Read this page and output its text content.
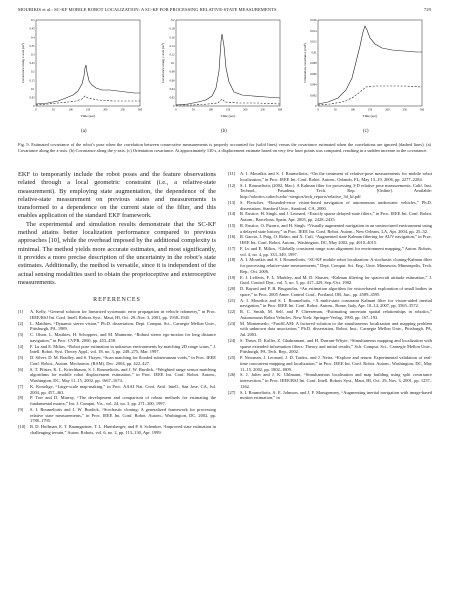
MOURIKIS et al.: SC-KF MOBILE ROBOT LOCALIZATION: A SC-KF FOR PROCESSING RELATIVE-STATE MEASUREMENTS	729
Time (sec)
Covariance along x-axis (m²)
0
0.05
0.1
0.15
0.2
0.25
0.3
0.35
0.4
0.45
0.5
0	50	100	150	200	250	300
(a)
Time (sec)
Covariance along y-axis (m²)
0
0.02
0.04
0.06
0.08
0.1
0.12
0.14
0.16
0.18
0.2
0	50	100	150	200	250	300
(b)
Time (sec)
Orientation covariance (rad²)
0
0.002
0.004
0.006
0.008
0.01
0.012
0.014
0.016
0	50	100	150	200	250	300
(c)
Fig. 9. Estimated covariance of the robot’s pose when the correlation between consecutive measurements is properly accounted for (solid lines) versus the covariance estimated when the correlations are ignored (dashed lines). (a) Covariance along the x-axis. (b) Covariance along the y-axis. (c) Orientation covariance. At approximately 130 s, a displacement estimate based on very few laser points was computed, resulting in a sudden increase in the covariance.

EKF to temporarily include the robot poses and the feature observations related through a local geometric constraint (i.e., a relative-state measurement). By employing state augmentation, the dependence of the relative-state measurement on previous states and measurements is transformed to a dependence on the current state of the filter, and this enables application of the standard EKF framework.

The experimental and simulation results demonstrate that the SC-KF method attains better localization performance compared to previous approaches [10], while the overhead imposed by the additional complexity is minimal. The method yields more accurate estimates, and most significantly, it provides a more precise description of the uncertainty in the robot’s state estimates. Additionally, the method is versatile, since it is independent of the actual sensing modalities used to obtain the proprioceptive and exteroceptive measurements.

REFERENCES
[1]	A. Kelly, “General solution for linearized systematic error propagation in vehicle odometry,” in Proc. IEEE/RSJ Int. Conf. Intell. Robots Syst., Maui, HI, Oct. 29–Nov. 3, 2001, pp. 1938–1945.
[2]	L. Matthies, “Dynamic stereo vision,” Ph.D. dissertation, Dept. Comput. Sci., Carnegie Mellon Univ., Pittsburgh, PA, 1989.
[3]	C. Olson, L. Matthies, H. Schoppers, and M. Maimone, “Robust stereo ego-motion for long distance navigation,” in Proc. CVPR, 2000, pp. 453–458.
[4]	F. Lu and E. Milios, “Robot pose estimation in unknown environments by matching 2D range scans,” J. Intell. Robot. Syst. Theory Appl., vol. 18, no. 3, pp. 249–275, Mar. 1997.
[5]	D. Silver, D. M. Bradley, and S. Thayer, “Scan matching for flooded subterranean voids,” in Proc. IEEE Conf. Robot., Autom. Mechatron. (RAM), Dec. 2004, pp. 422–427.
[6]	S. T. Pfister, K. L. Kriechbaum, S. I. Roumeliotis, and J. W. Burdick, “Weighted range sensor matching algorithms for mobile robot displacement estimation,” in Proc. IEEE Int. Conf. Robot. Autom., Washington, DC, May 11–15, 2002, pp. 1667–1674.
[7]	K. Konolige, “Large-scale map-making,” in Proc. AAAI Nat. Conf. Artif. Intell., San Jose, CA, Jul. 2004, pp. 457–463.
[8]	P. Torr and D. Murray, “The development and comparison of robust methods for estimating the fundamental matrix,” Int. J. Comput. Vis., vol. 24, no. 3, pp. 271–300, 1997.
[9]	S. I. Roumeliotis and J. W. Burdick, “Stochastic cloning: A generalized framework for processing relative state measurements,” in Proc. IEEE Int. Conf. Robot. Autom., Washington, DC, 2002, pp. 1788–1795.
[10]	B. D. Hoffman, E. T. Baumgartner, T. L. Huntsberger, and P. S. Schenker, “Improved state estimation in challenging terrain,” Auton. Robots, vol. 6, no. 2, pp. 113–130, Apr. 1999.
[11]	A. I. Mourikis and S. I. Roumeliotis, “On the treatment of relative-pose measurements for mobile robot localization,” in Proc. IEEE Int. Conf. Robot. Autom., Orlando, FL, May 15–19, 2006, pp. 2277–2284.
[12]	S. I. Roumeliotis (2002, Mar.). A Kalman filter for processing 3-D relative pose measurements. Calif. Inst. Technol., Pasadena, Tech. Rep. [Online]. Available: http://robotics.caltech.edu/~stergios/tech_reports/relative_3d_kf.pdf
[13]	S. Fleischer, “Bounded-error vision-based navigation of autonomous underwater vehicles,” Ph.D. dissertation, Stanford Univ., Stanford, CA, 2000.
[14]	R. Eustice, H. Singh, and J. Leonard, “Exactly sparse delayed-state filters,” in Proc. IEEE Int. Conf. Robot. Autom., Barcelona, Spain, Apr. 2005, pp. 2428–2435.
[15]	R. Eustice, O. Pizarro, and H. Singh, “Visually augmented navigation in an unstructured environment using a delayed state history,” in Proc. IEEE Int. Conf. Robot. Autom., New Orleans, LA, Apr. 2004, pp. 25–32.
[16]	R. Garcia, J. Puig, O. Ridao, and X. Cufi, “Augmented state Kalman filtering for AUV navigation,” in Proc. IEEE Int. Conf. Robot. Autom., Washington, DC, May 2002, pp. 4010–4015.
[17]	F. Lu and E. Milios, “Globally consistent range scan alignment for environment mapping,” Auton. Robots, vol. 4, no. 4, pp. 333–349, 1997.
[18]	A. I. Mourikis and S. I. Roumeliotis, “SC-KF mobile robot localization: A stochastic cloning-Kalman filter for processing relative-state measurements,” Dept. Comput. Sci. Eng., Univ. Minnesota, Minneapolis, Tech. Rep., Oct. 2006.
[19]	E. J. Lefferts, F. L. Markley, and M. D. Shuster, “Kalman filtering for spacecraft attitude estimation,” J. Guid. Control Dyn., vol. 5, no. 5, pp. 417–429, Sep./Oct. 1982.
[20]	D. Bayard and P. B. Brugarolas, “An estimation algorithm for vision-based exploration of small bodies in space,” in Proc. 2005 Amer. Control Conf., Portland, OR, Jun., pp. 4589–4595.
[21]	A. I. Mourikis and S. I. Roumeliotis, “A multi-state constraint Kalman filter for vision-aided inertial navigation,” in Proc. IEEE Int. Conf. Robot. Autom., Rome, Italy, Apr. 10–14, 2007, pp. 3565–3572.
[22]	R. C. Smith, M. Self, and P. Cheeseman, “Estimating uncertain spatial relationships in robotics,” Autonomous Robot Vehicles. New York: Springer-Verlag, 1990, pp. 167–193.
[23]	M. Montemerlo, “FastSLAM: A factored solution to the simultaneous localization and mapping problem with unknown data association,” Ph.D. dissertation, Robot. Inst., Carnegie Mellon Univ., Pittsburgh, PA, Jul. 2003.
[24]	S. Thrun, D. Koller, Z. Ghahramani, and H. Durrant-Whyte, “Simultaneous mapping and localization with sparse extended information filters: Theory and initial results,” Sch. Comput. Sci., Carnegie Mellon Univ., Pittsburgh, PA, Tech. Rep., 2002.
[25]	P. Newman, J. Leonard, J. D. Tardos, and J. Neira, “Explore and return: Experimental validation of real-time concurrent mapping and localization,” in Proc. IEEE Int. Conf. Robot. Autom., Washington, DC, May 11–15, 2002, pp. 1802–1809.
[26]	S. J. Julier and J. K. Uhlmann, “Simultaneous localisation and map building using split covariance intersection,” in Proc. IEEE/RSJ Int. Conf. Intell. Robots Syst., Maui, HI, Oct. 29–Nov. 3, 2001, pp. 1257–1262.
[27]	S. I. Roumeliotis, A. E. Johnson, and J. F. Montgomery, “Augmenting inertial navigation with image-based motion estimation,” in
